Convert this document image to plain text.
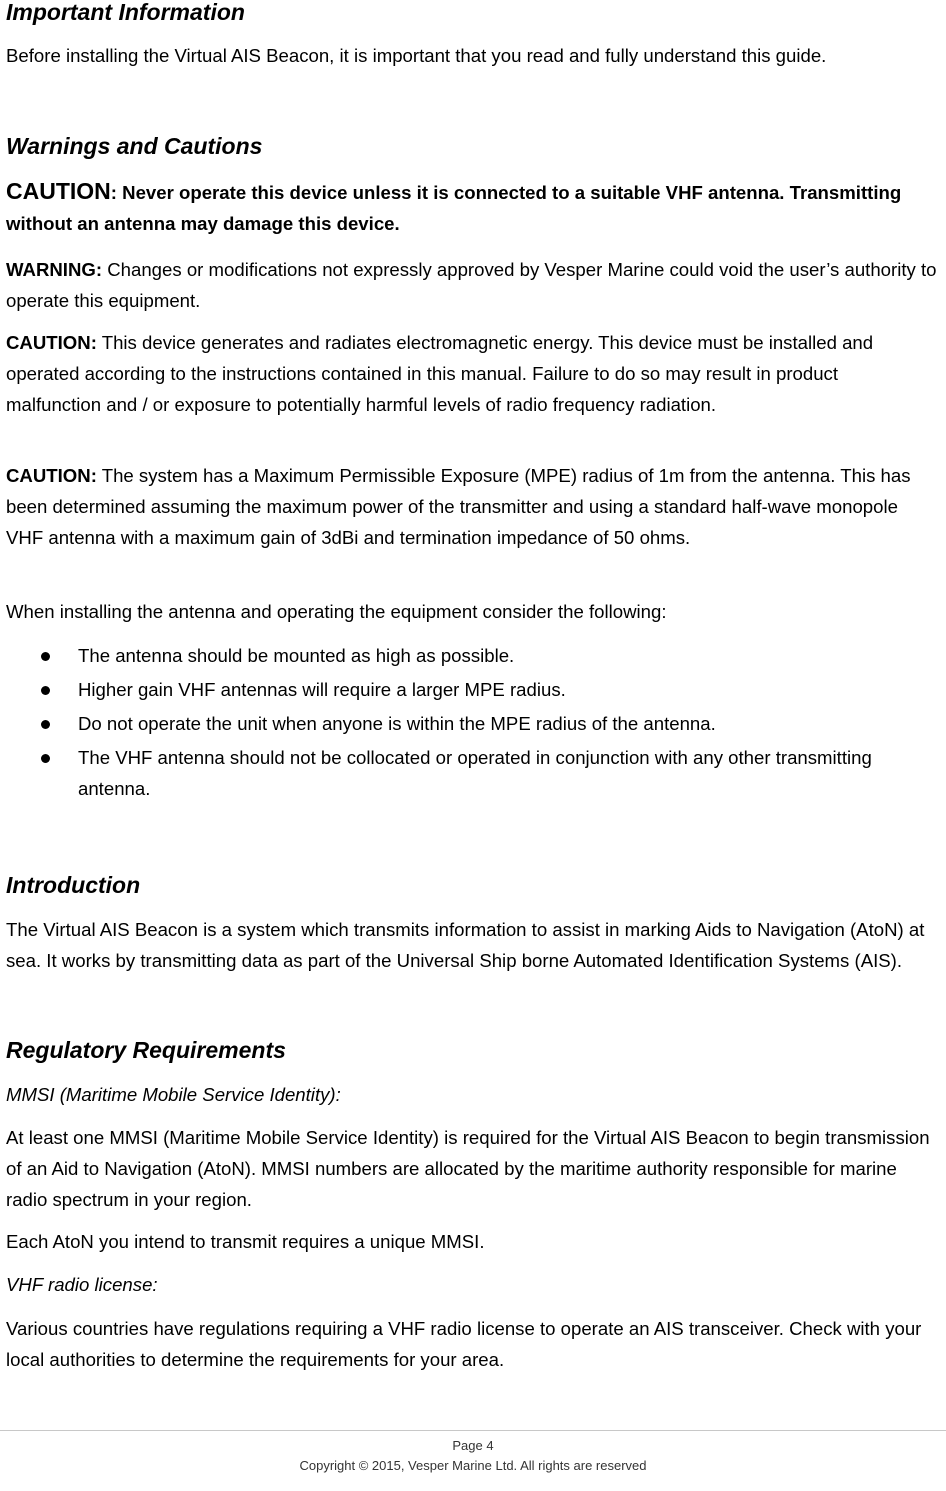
Important Information

Before installing the Virtual AIS Beacon, it is important that you read and fully understand this guide.

Warnings and Cautions

CAUTION: Never operate this device unless it is connected to a suitable VHF antenna. Transmitting without an antenna may damage this device.

WARNING: Changes or modifications not expressly approved by Vesper Marine could void the user’s authority to operate this equipment.

CAUTION: This device generates and radiates electromagnetic energy. This device must be installed and operated according to the instructions contained in this manual. Failure to do so may result in product malfunction and / or exposure to potentially harmful levels of radio frequency radiation.

CAUTION: The system has a Maximum Permissible Exposure (MPE) radius of 1m from the antenna. This has been determined assuming the maximum power of the transmitter and using a standard half-wave monopole VHF antenna with a maximum gain of 3dBi and termination impedance of 50 ohms.

When installing the antenna and operating the equipment consider the following:

The antenna should be mounted as high as possible.
Higher gain VHF antennas will require a larger MPE radius.
Do not operate the unit when anyone is within the MPE radius of the antenna.
The VHF antenna should not be collocated or operated in conjunction with any other transmitting antenna.

Introduction

The Virtual AIS Beacon is a system which transmits information to assist in marking Aids to Navigation (AtoN) at sea. It works by transmitting data as part of the Universal Ship borne Automated Identification Systems (AIS).

Regulatory Requirements

MMSI (Maritime Mobile Service Identity):

At least one MMSI (Maritime Mobile Service Identity) is required for the Virtual AIS Beacon to begin transmission of an Aid to Navigation (AtoN). MMSI numbers are allocated by the maritime authority responsible for marine radio spectrum in your region.

Each AtoN you intend to transmit requires a unique MMSI.

VHF radio license:

Various countries have regulations requiring a VHF radio license to operate an AIS transceiver. Check with your local authorities to determine the requirements for your area.

Page 4
Copyright © 2015, Vesper Marine Ltd. All rights are reserved
